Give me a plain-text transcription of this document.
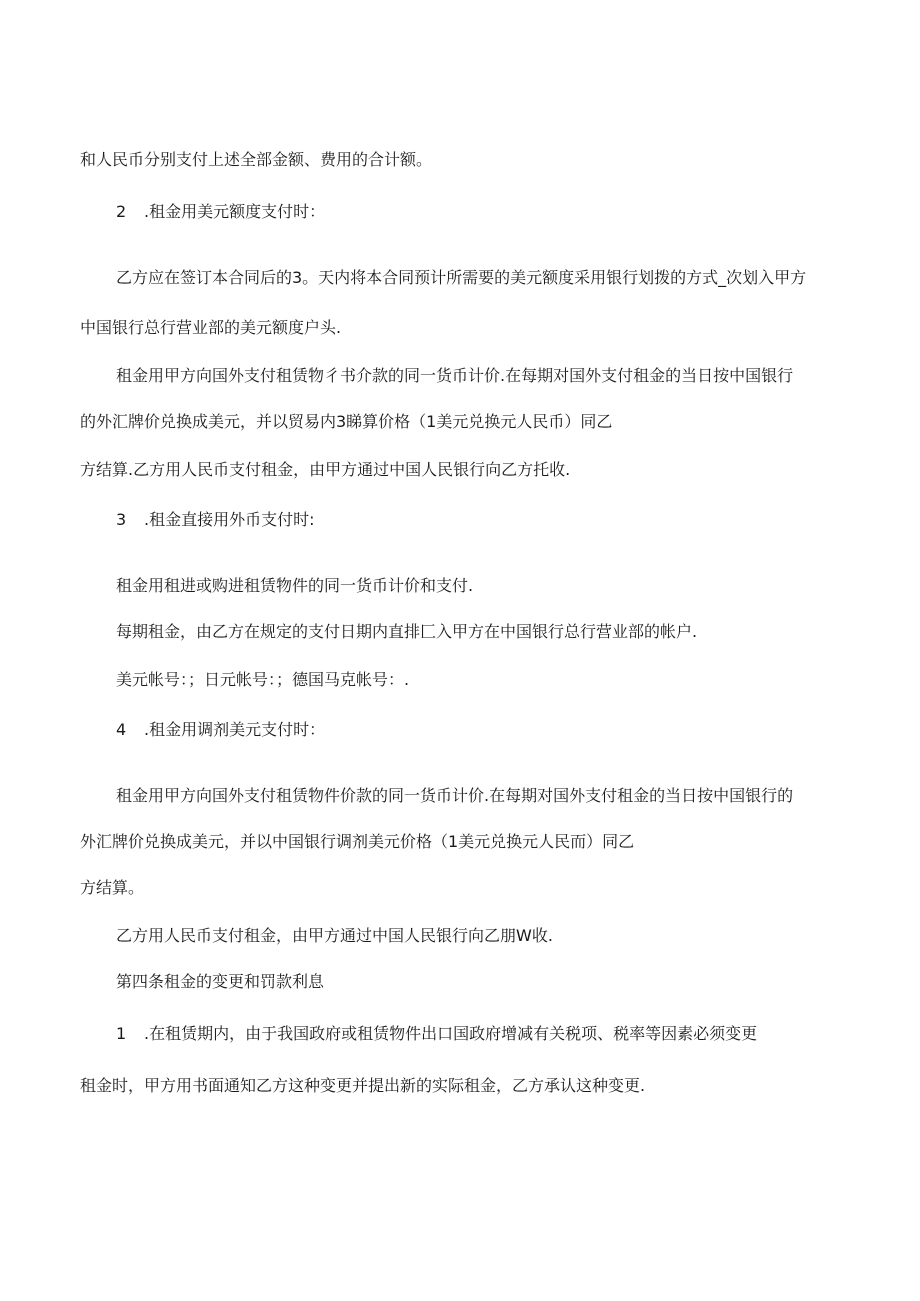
和人民币分别支付上述全部金额、费用的合计额。
2 .租金用美元额度支付时：
乙方应在签订本合同后的3。天内将本合同预计所需要的美元额度采用银行划拨的方式_次划入甲方
中国银行总行营业部的美元额度户头.
租金用甲方向国外支付租赁物彳书介款的同一货币计价.在每期对国外支付租金的当日按中国银行
的外汇牌价兑换成美元，并以贸易内3睇算价格（1美元兑换元人民币）同乙
方结算.乙方用人民币支付租金，由甲方通过中国人民银行向乙方托收.
3 .租金直接用外币支付时:
租金用租进或购进租赁物件的同一货币计价和支付.
每期租金，由乙方在规定的支付日期内直排匚入甲方在中国银行总行营业部的帐户.
美元帐号：；日元帐号：；德国马克帐号：.
4 .租金用调剂美元支付时：
租金用甲方向国外支付租赁物件价款的同一货币计价.在每期对国外支付租金的当日按中国银行的
外汇牌价兑换成美元，并以中国银行调剂美元价格（1美元兑换元人民而）同乙
方结算。
乙方用人民币支付租金，由甲方通过中国人民银行向乙朋W收.
第四条租金的变更和罚款利息
1 .在租赁期内，由于我国政府或租赁物件出口国政府增减有关税项、税率等因素必须变更
租金时，甲方用书面通知乙方这种变更并提出新的实际租金，乙方承认这种变更.
